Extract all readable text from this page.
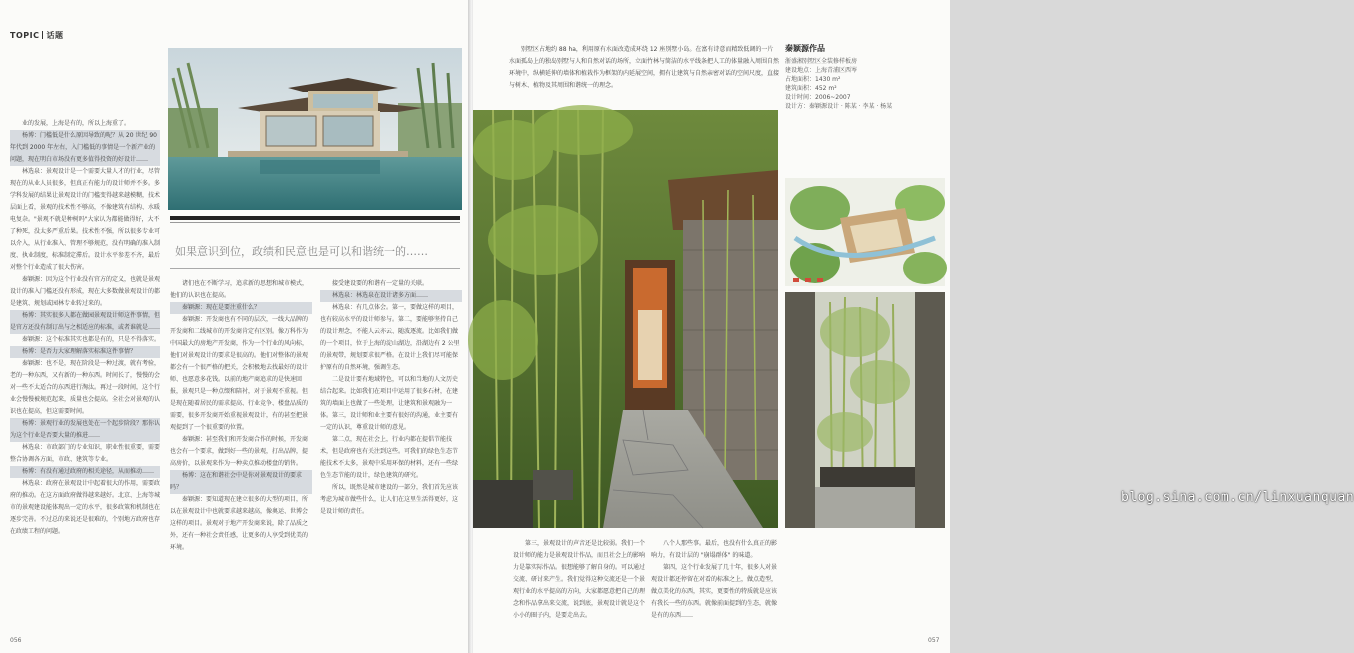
TOPIC 话题
如果意识到位，政绩和民意也是可以和谐统一的……

业的发展，上海是有的，所以上海重了。

杨博：门槛低是什么原因导致的呢？从 20 世纪 90 年代到 2000 年左右，入门槛低的事情是一个新产业的问题，现在明白市场没有更多值得投资的好设计……

林选泉：景观设计是一个需要大量人才的行业，尽管现在的从业人员很多，但真正有能力的设计师并不多。多学科发展的结果让景观设计的门槛变得越来越模糊，技术层面上看，景观的技术性不够高，不像建筑有结构、水暖电复杂。"景观不就是种树吗"大家认为都能做得好，大不了种死，没太多严重后果。技术性不强，所以很多专业可以介入，从行业准入、管理不够规范，没有明确的准入制度、执业制度，标准制定滞后。设计水平参差不齐，最后对整个行业造成了很大伤害。

秦颖源：因为这个行业没有官方的定义，也就是景观设计的准入门槛还没有形成，现在大多数做景观设计的都是建筑、规划或园林专业转过来的。

杨博：其实很多人都在做园景观设计师这件事情，但是官方还没有制订出与之相适应的标准，或者谁就是……

秦颖源：这个标准其实也都是有的，只是不得落实。

杨博：是否力大家理解落实标准这件事情？

秦颖源：也不是，现在阶段是一种过渡，就有考验，老的一种东西，又有新的一种东西。时间长了，慢慢的会对一些不太适合的东西进行淘汰。再过一段时间，这个行业会慢慢被规范起来，质量也会提高。全社会对景观的认识也在提高，但这需要时间。

杨博：景观行业的发展也处在一个起步阶段？那你认为这个行业是否要大量的推进……

林选泉：市政部门的专业知识，职业性很重要，需要整合协调各方面，市政、建筑等专业。

杨博：有没有通过政府的相关途径，从而推动……

林选泉：政府在景观设计中起着很大的作用，需要政府的推动。在这方面政府做得越来越好。北京、上海等城市的景观建设能体现出一定的水平，很多政策和机制也在逐步完善。不过总的来说还是很难的，个别地方政府也存在政绩工程的问题。

诸们也在不断学习，追求新的思想和城市模式，他们的认识也在提高。

秦颖源：现在是要注重什么？

秦颖源：开发商也有不同的层次，一线大品牌的开发商和二线城市的开发商肯定有区别。像万科作为中国最大的房地产开发商，作为一个行业的风向标，他们对景观设计的要求是很高的。他们对整体的景观都会有一个很严格的把关，会积极地去找最好的设计师、也愿意多花钱。以前的地产商追求的是快速回报，景观只是一种点缀和陪衬，对于景观不重视。但是现在随着居民的需求提高、行业竞争、楼盘品质的需要，很多开发商开始重视景观设计，有的甚至把景观提到了一个很重要的位置。

秦颖源：甚至我们和开发商合作的时候，开发商也会有一个要求，做到好一些的景观，打出品牌，提高房价，以景观来作为一种卖点推动楼盘的销售。

杨博：这在和谐社会中是你对景观设计的要求吗？

秦颖源：要知道现在建立很多的大型的项目，所以在景观设计中也就要求越来越高，像奥运、世博会这样的项目。景观对于地产开发商来说，除了品质之外，还有一种社会责任感，让更多的人享受到优美的环境。

接受建设要的和谐有一定量的关联。

林选泉：林选泉在设计诸多方面……

林选泉：有几点体会。第一，要做这样的项目，也有较高水平的设计师参与。第二，要能够坚持自己的设计理念，不能人云亦云、随波逐流。比如我们做的一个项目，位于上海的淀山湖边，沿湖边有 2 公里的景观带，规划要求很严格。在设计上我们尽可能保护原有的自然环境，强调生态。

二是设计要有地域特色，可以和当地的人文历史结合起来。比如我们在项目中运用了很多石材，在建筑的墙面上也做了一些处理，让建筑和景观融为一体。第三，设计师和业主要有很好的沟通，业主要有一定的认识，尊重设计师的意见。

第二点，现在社会上，行业内都在提倡节能技术，但是政府也有关注到这些。可我们的绿色生态节能技术不太多，景观中采用环保的材料，还有一些绿色生态节能的设计，绿色建筑的研究。

所以，既然是城市建设的一部分，我们首先应该考虑为城市做些什么，让人们在这里生活得更好，这是设计师的责任。

056

别墅区占地约 88 ha，利用原有水面改造成环绕 12 座别墅小岛。在富有诗意而精致低调的一片水面孤岛上的独岛别墅与人和自然对话的场所，立面竹林与简洁的水平线条把人工的体量融入周围自然环境中，纵横延伸的墙体和植栽作为框架的内延展空间，拥有让建筑与自然亲密对话的空间尺度，直接与树木、植物及其周围和谐统一的理念。

秦颖源作品
浙盛湘别墅区全装修样板房
建设地点：上海青浦区西岑
占地面积：1430 m²
建筑面积：452 m²
设计时间：2006~2007
设计方：秦颖源设计 · 陈某 · 李某 · 杨某
blog.sina.com.cn/linxuanquan

第三，景观设计的声音还是比较弱。我们一个设计师的能力是景观设计作品，而且社会上的影响力是靠实际作品。很想能够了解自身的。可以通过交流、研讨来产生。我们觉得这种交流还是一个景观行业的水平提高的方向，大家都愿意把自己的理念和作品拿出来交流，说到底，景观设计就是这个小小的圈子内，是要走出去。

八个人那些事。最后，也没有什么真正的影响力，有设计层的 "崩塌群体" 的味道。

第四，这个行业发展了几十年，很多人对景观设计都还停留在对看的标准之上，做点造型，做点美化的东西，其实，更要性的特质就是应该有我长一些的东西。就像前面提到的生态，就像是有的东西……

057
